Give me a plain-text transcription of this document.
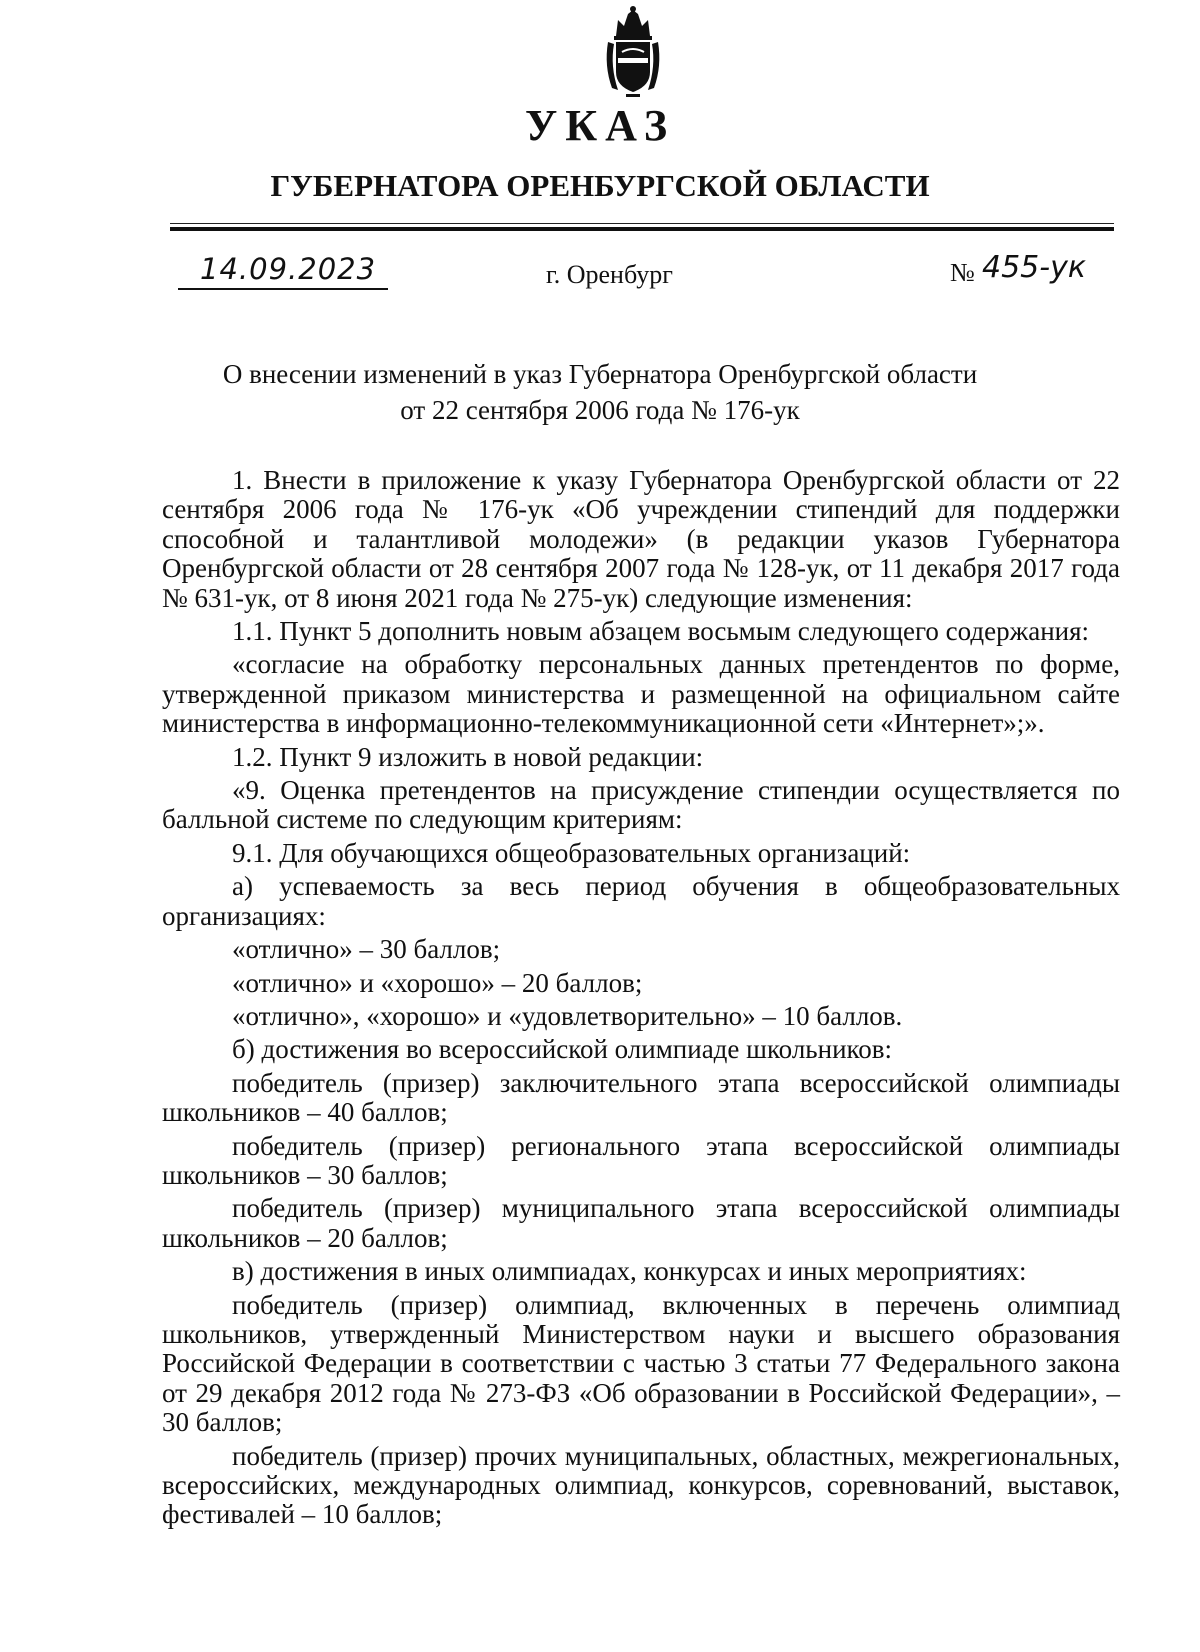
УКАЗ
ГУБЕРНАТОРА ОРЕНБУРГСКОЙ ОБЛАСТИ
14.09.2023	г. Оренбург	№ 455-ук
О внесении изменений в указ Губернатора Оренбургской области
от 22 сентября 2006 года № 176-ук

1. Внести в приложение к указу Губернатора Оренбургской области от 22 сентября 2006 года № 176-ук «Об учреждении стипендий для поддержки способной и талантливой молодежи» (в редакции указов Губернатора Оренбургской области от 28 сентября 2007 года № 128-ук, от 11 декабря 2017 года № 631-ук, от 8 июня 2021 года № 275-ук) следующие изменения:

1.1. Пункт 5 дополнить новым абзацем восьмым следующего содержания:

«согласие на обработку персональных данных претендентов по форме, утвержденной приказом министерства и размещенной на официальном сайте министерства в информационно-телекоммуникационной сети «Интернет»;».

1.2. Пункт 9 изложить в новой редакции:

«9. Оценка претендентов на присуждение стипендии осуществляется по балльной системе по следующим критериям:

9.1. Для обучающихся общеобразовательных организаций:

а) успеваемость за весь период обучения в общеобразовательных организациях:

«отлично» – 30 баллов;

«отлично» и «хорошо» – 20 баллов;

«отлично», «хорошо» и «удовлетворительно» – 10 баллов.

б) достижения во всероссийской олимпиаде школьников:

победитель (призер) заключительного этапа всероссийской олимпиады школьников – 40 баллов;

победитель (призер) регионального этапа всероссийской олимпиады школьников – 30 баллов;

победитель (призер) муниципального этапа всероссийской олимпиады школьников – 20 баллов;

в) достижения в иных олимпиадах, конкурсах и иных мероприятиях:

победитель (призер) олимпиад, включенных в перечень олимпиад школьников, утвержденный Министерством науки и высшего образования Российской Федерации в соответствии с частью 3 статьи 77 Федерального закона от 29 декабря 2012 года № 273-ФЗ «Об образовании в Российской Федерации», – 30 баллов;

победитель (призер) прочих муниципальных, областных, межрегиональных, всероссийских, международных олимпиад, конкурсов, соревнований, выставок, фестивалей – 10 баллов;
